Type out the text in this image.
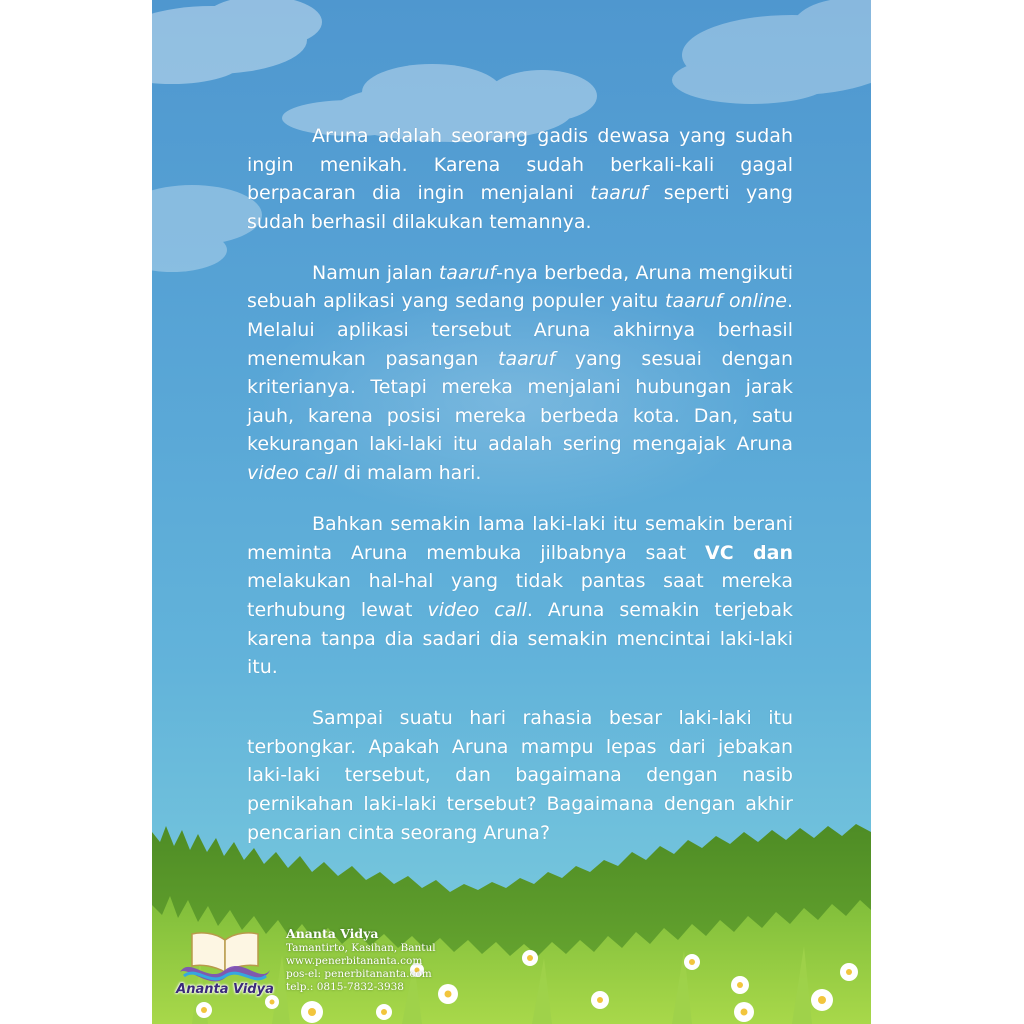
Aruna adalah seorang gadis dewasa yang sudah ingin menikah. Karena sudah berkali-kali gagal berpacaran dia ingin menjalani taaruf seperti yang sudah berhasil dilakukan temannya.

Namun jalan taaruf-nya berbeda, Aruna mengikuti sebuah aplikasi yang sedang populer yaitu taaruf online. Melalui aplikasi tersebut Aruna akhirnya berhasil menemukan pasangan taaruf yang sesuai dengan kriterianya. Tetapi mereka menjalani hubungan jarak jauh, karena posisi mereka berbeda kota. Dan, satu kekurangan laki-laki itu adalah sering mengajak Aruna video call di malam hari.

Bahkan semakin lama laki-laki itu semakin berani meminta Aruna membuka jilbabnya saat VC dan melakukan hal-hal yang tidak pantas saat mereka terhubung lewat video call. Aruna semakin terjebak karena tanpa dia sadari dia semakin mencintai laki-laki itu.

Sampai suatu hari rahasia besar laki-laki itu terbongkar. Apakah Aruna mampu lepas dari jebakan laki-laki tersebut, dan bagaimana dengan nasib pernikahan laki-laki tersebut? Bagaimana dengan akhir pencarian cinta seorang Aruna?

Ananta Vidya
Ananta Vidya
Tamantirto, Kasihan, Bantul
www.penerbitananta.com
pos-el: penerbitananta.com
telp.: 0815-7832-3938
